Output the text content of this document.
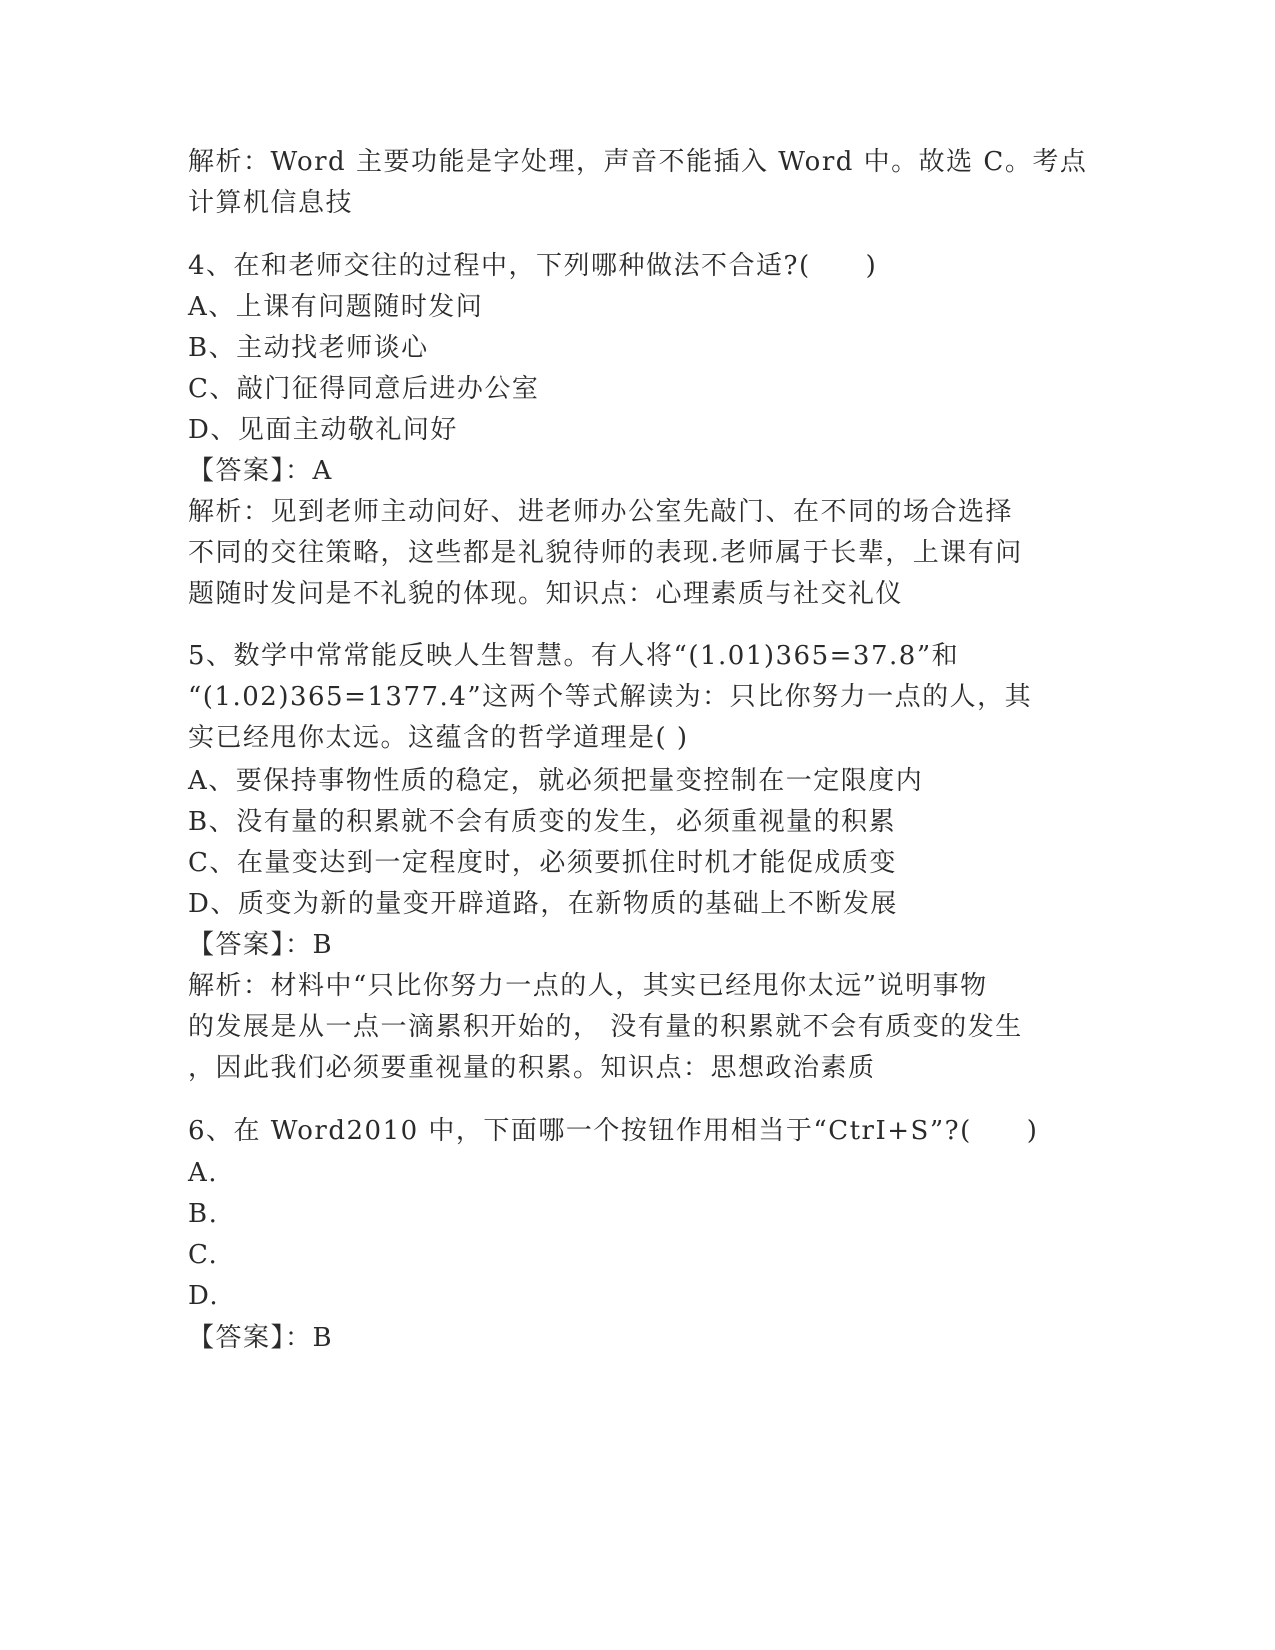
解析：Word 主要功能是字处理，声音不能插入 Word 中。故选 C。考点
计算机信息技
4、在和老师交往的过程中，下列哪种做法不合适?(　　)
A、上课有问题随时发问
B、主动找老师谈心
C、敲门征得同意后进办公室
D、见面主动敬礼问好
【答案】：A
解析：见到老师主动问好、进老师办公室先敲门、在不同的场合选择
不同的交往策略，这些都是礼貌待师的表现.老师属于长辈，上课有问
题随时发问是不礼貌的体现。知识点：心理素质与社交礼仪
5、数学中常常能反映人生智慧。有人将“(1.01)365=37.8”和
“(1.02)365=1377.4”这两个等式解读为：只比你努力一点的人，其
实已经甩你太远。这蕴含的哲学道理是( )
A、要保持事物性质的稳定，就必须把量变控制在一定限度内
B、没有量的积累就不会有质变的发生，必须重视量的积累
C、在量变达到一定程度时，必须要抓住时机才能促成质变
D、质变为新的量变开辟道路，在新物质的基础上不断发展
【答案】：B
解析：材料中“只比你努力一点的人，其实已经甩你太远”说明事物
的发展是从一点一滴累积开始的， 没有量的积累就不会有质变的发生
，因此我们必须要重视量的积累。知识点：思想政治素质
6、在 Word2010 中，下面哪一个按钮作用相当于“CtrI+S”?(　　)
A.
B.
C.
D.
【答案】：B
